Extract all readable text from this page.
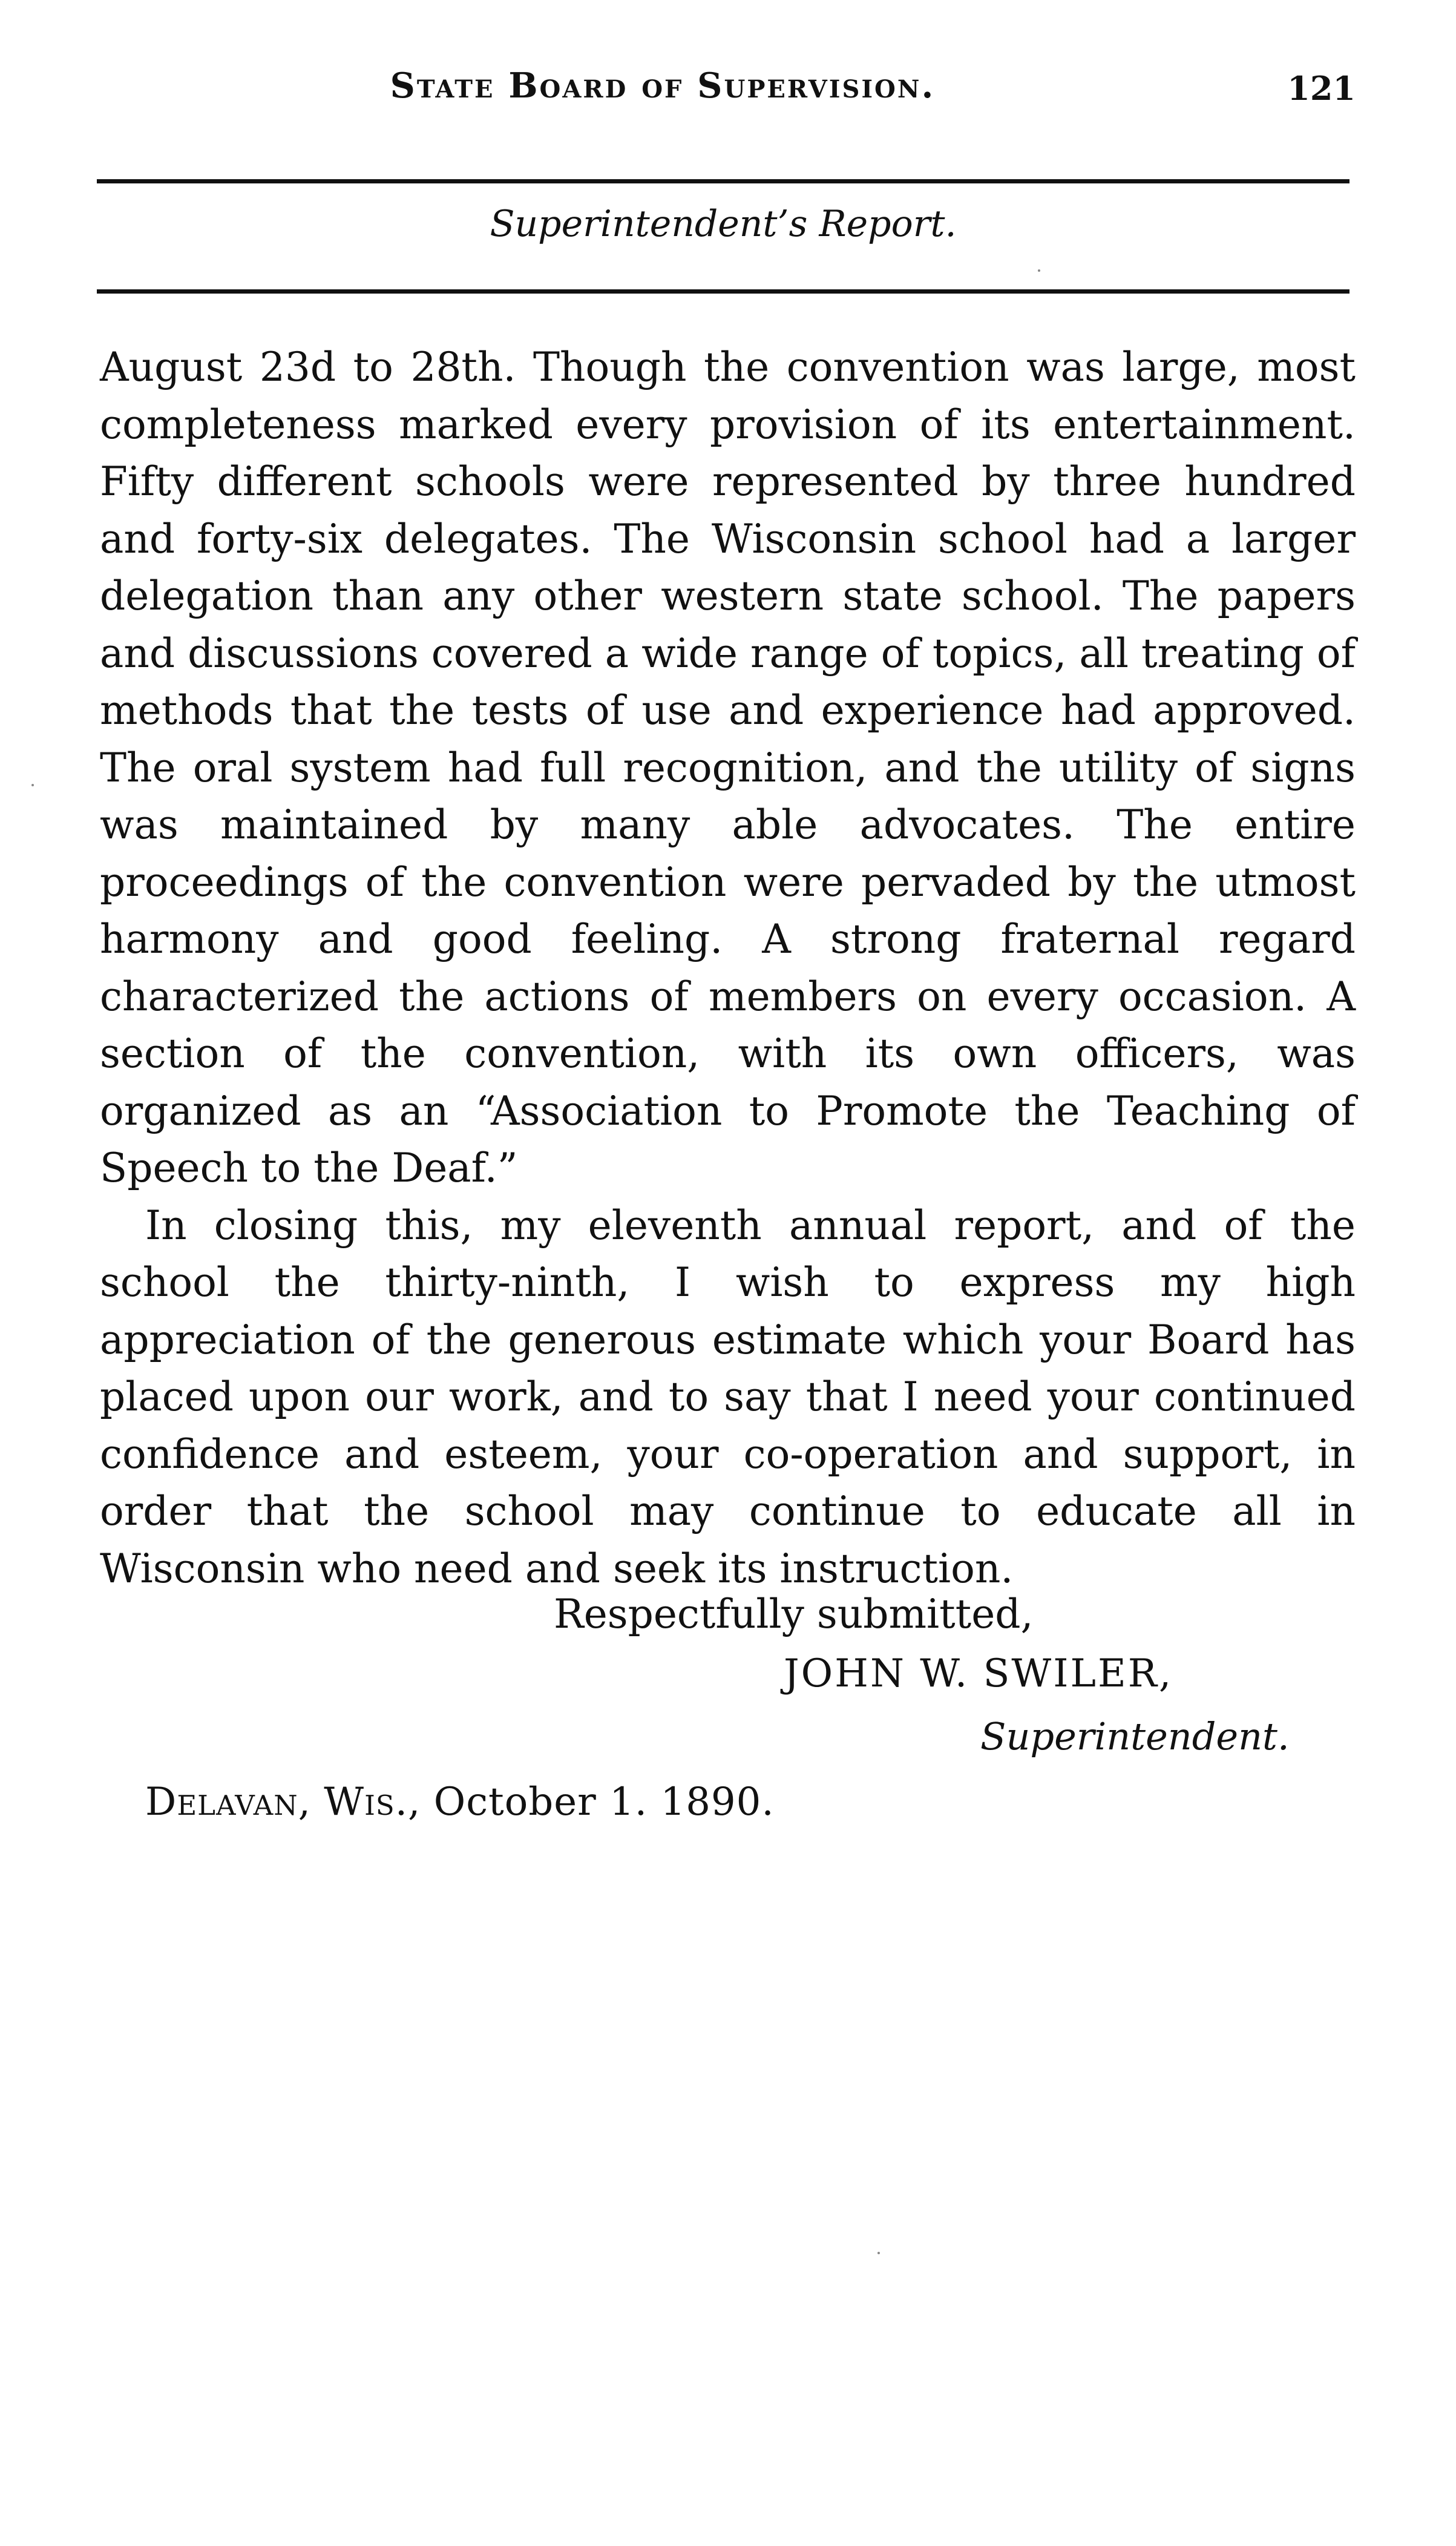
State Board of Supervision.	121
Superintendent’s Report.

August 23d to 28th. Though the convention was large, most completeness marked every provision of its entertainment. Fifty different schools were represented by three hundred and forty-six delegates. The Wisconsin school had a larger delegation than any other western state school. The papers and discussions covered a wide range of topics, all treating of methods that the tests of use and experience had approved. The oral system had full recognition, and the utility of signs was maintained by many able advocates. The entire proceedings of the convention were pervaded by the utmost harmony and good feeling. A strong fraternal regard characterized the actions of members on every occasion. A section of the convention, with its own officers, was organized as an “Association to Promote the Teaching of Speech to the Deaf.”

In closing this, my eleventh annual report, and of the school the thirty-ninth, I wish to express my high appreciation of the generous estimate which your Board has placed upon our work, and to say that I need your continued confidence and esteem, your co-operation and support, in order that the school may continue to educate all in Wisconsin who need and seek its instruction.

Respectfully submitted,
JOHN W. SWILER,
Superintendent.
Delavan, Wis., October 1. 1890.
